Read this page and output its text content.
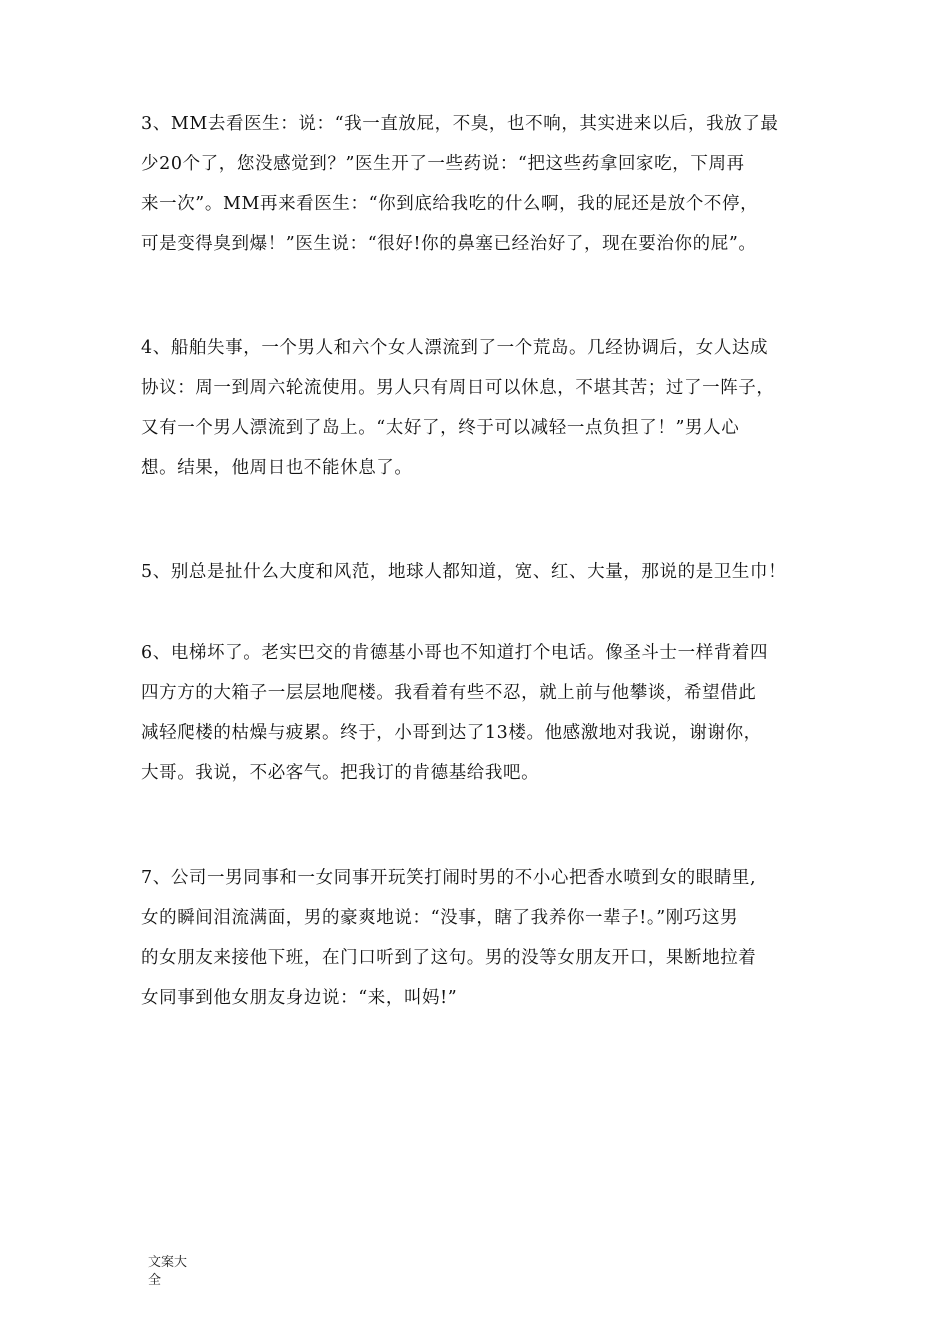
3、MM去看医生：说：“我一直放屁，不臭，也不响，其实进来以后，我放了最
少20个了，您没感觉到？”医生开了一些药说：“把这些药拿回家吃，下周再
来一次”。MM再来看医生：“你到底给我吃的什么啊，我的屁还是放个不停，
可是变得臭到爆！”医生说：“很好!你的鼻塞已经治好了，现在要治你的屁”。
4、船舶失事，一个男人和六个女人漂流到了一个荒岛。几经协调后，女人达成
协议：周一到周六轮流使用。男人只有周日可以休息，不堪其苦；过了一阵子，
又有一个男人漂流到了岛上。“太好了，终于可以减轻一点负担了！”男人心
想。结果，他周日也不能休息了。
5、别总是扯什么大度和风范，地球人都知道，宽、红、大量，那说的是卫生巾！
6、电梯坏了。老实巴交的肯德基小哥也不知道打个电话。像圣斗士一样背着四
四方方的大箱子一层层地爬楼。我看着有些不忍，就上前与他攀谈，希望借此
减轻爬楼的枯燥与疲累。终于，小哥到达了13楼。他感激地对我说，谢谢你，
大哥。我说，不必客气。把我订的肯德基给我吧。
7、公司一男同事和一女同事开玩笑打闹时男的不小心把香水喷到女的眼睛里,
女的瞬间泪流满面，男的豪爽地说：“没事，瞎了我养你一辈子!。”刚巧这男
的女朋友来接他下班，在门口听到了这句。男的没等女朋友开口，果断地拉着
女同事到他女朋友身边说：“来，叫妈!”
文案大
全
